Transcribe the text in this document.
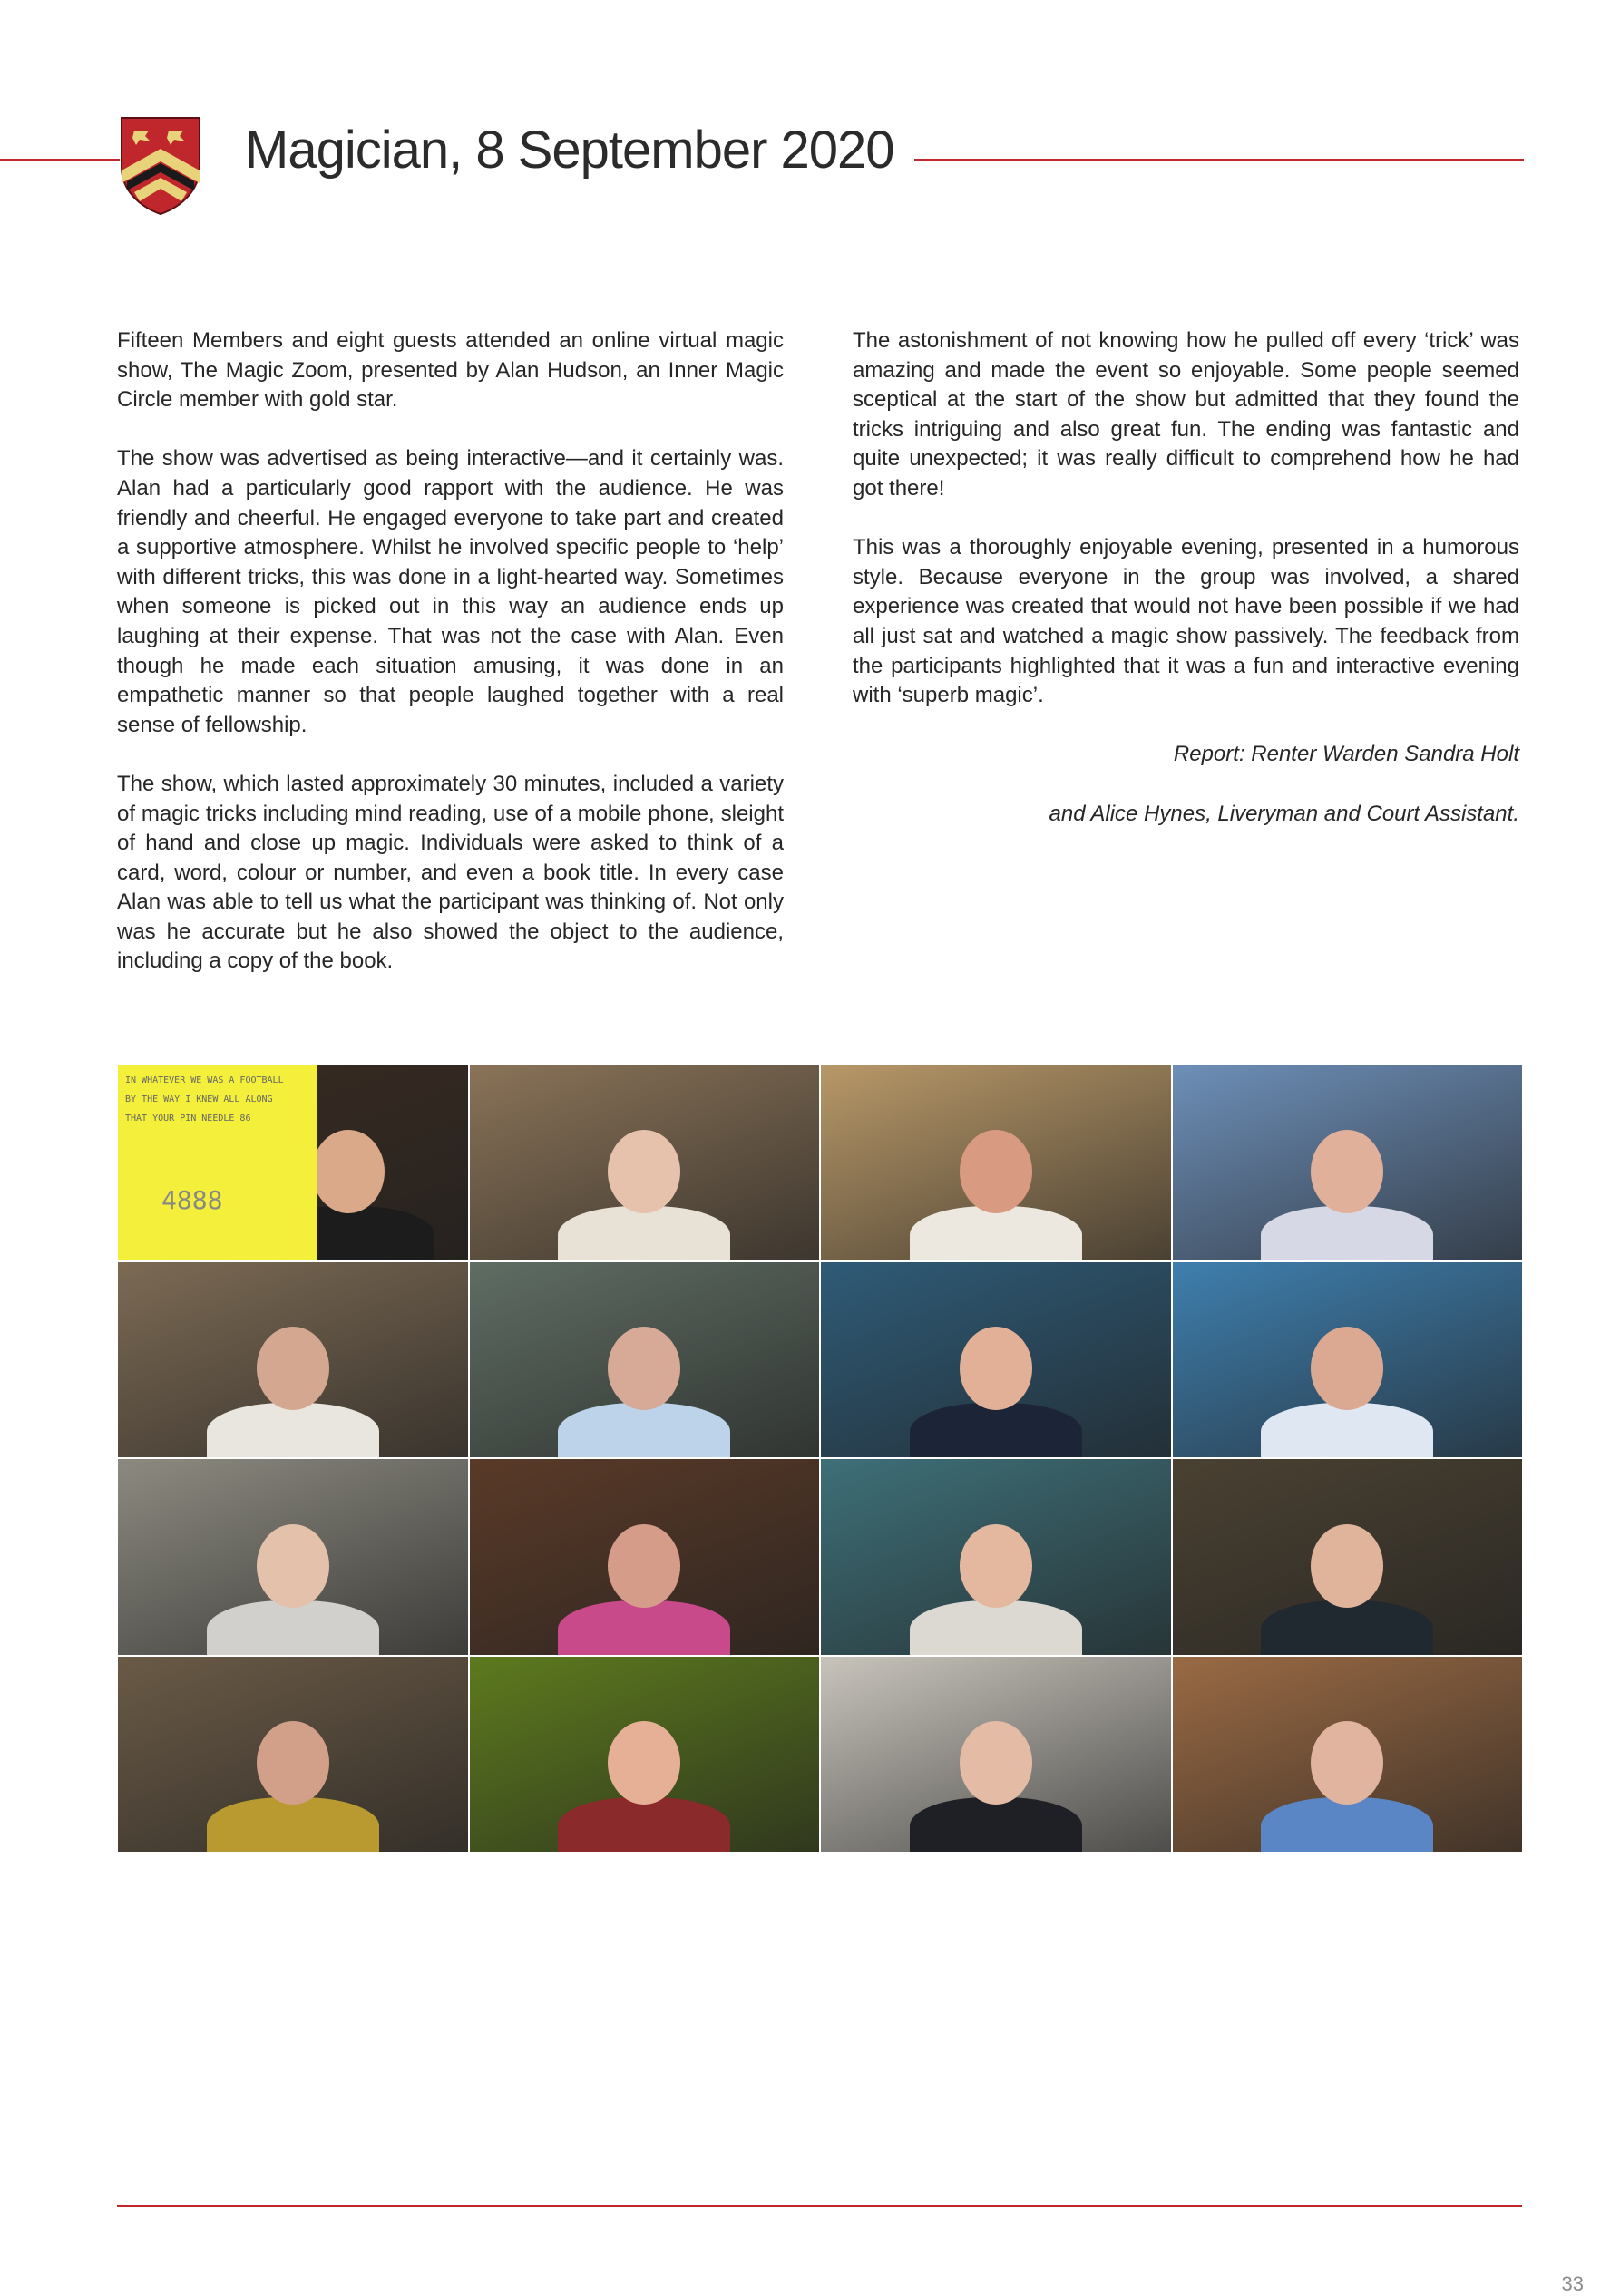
Magician, 8 September 2020

Fifteen Members and eight guests attended an online virtual magic show, The Magic Zoom, presented by Alan Hudson, an Inner Magic Circle member with gold star.

The show was advertised as being interactive—and it certainly was. Alan had a particularly good rapport with the audience. He was friendly and cheerful. He engaged everyone to take part and created a supportive atmosphere. Whilst he involved specific people to ‘help’ with different tricks, this was done in a light-hearted way. Sometimes when someone is picked out in this way an audience ends up laughing at their expense. That was not the case with Alan. Even though he made each situation amusing, it was done in an empathetic manner so that people laughed together with a real sense of fellowship.

The show, which lasted approximately 30 minutes, included a variety of magic tricks including mind reading, use of a mobile phone, sleight of hand and close up magic. Individuals were asked to think of a card, word, colour or number, and even a book title. In every case Alan was able to tell us what the participant was thinking of. Not only was he accurate but he also showed the object to the audience, including a copy of the book.

The astonishment of not knowing how he pulled off every ‘trick’ was amazing and made the event so enjoyable. Some people seemed sceptical at the start of the show but admitted that they found the tricks intriguing and also great fun. The ending was fantastic and quite unexpected; it was really difficult to comprehend how he had got there!

This was a thoroughly enjoyable evening, presented in a humorous style. Because everyone in the group was involved, a shared experience was created that would not have been possible if we had all just sat and watched a magic show passively. The feedback from the participants highlighted that it was a fun and interactive evening with ‘superb magic’.

Report: Renter Warden Sandra Holt

and Alice Hynes, Liveryman and Court Assistant.

IN WHATEVER WE WAS A FOOTBALL
BY THE WAY I KNEW ALL ALONG
THAT YOUR PIN NEEDLE 86
4888
33
